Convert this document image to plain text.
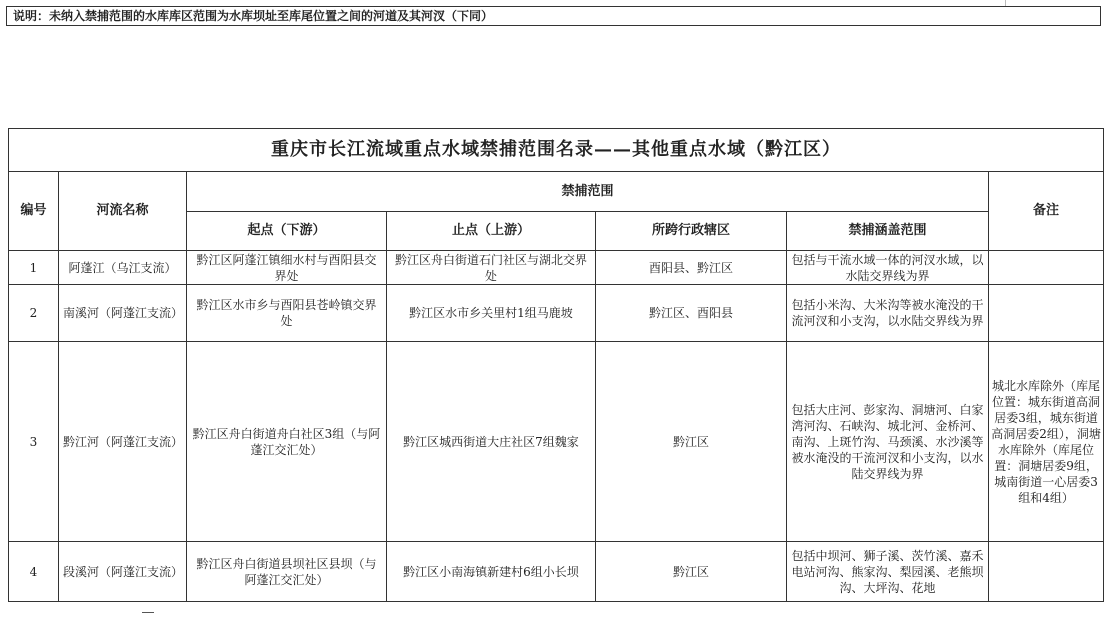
说明：未纳入禁捕范围的水库库区范围为水库坝址至库尾位置之间的河道及其河汊（下同）
重庆市长江流域重点水域禁捕范围名录——其他重点水域（黔江区）						
编号	河流名称	禁捕范围				备注
		起点（下游）	止点（上游）	所跨行政辖区	禁捕涵盖范围	
1	阿蓬江（乌江支流）	黔江区阿蓬江镇细水村与酉阳县交界处	黔江区舟白街道石门社区与湖北交界处	酉阳县、黔江区	包括与干流水域一体的河汊水域，以水陆交界线为界	
2	南溪河（阿蓬江支流）	黔江区水市乡与酉阳县苍岭镇交界处	黔江区水市乡关里村1组马鹿坡	黔江区、酉阳县	包括小米沟、大米沟等被水淹没的干流河汊和小支沟，以水陆交界线为界	
3	黔江河（阿蓬江支流）	黔江区舟白街道舟白社区3组（与阿蓬江交汇处）	黔江区城西街道大庄社区7组魏家	黔江区	包括大庄河、彭家沟、洞塘河、白家湾河沟、石峡沟、城北河、金桥河、南沟、上斑竹沟、马颈溪、水沙溪等被水淹没的干流河汊和小支沟，以水陆交界线为界	城北水库除外（库尾位置：城东街道高洞居委3组，城东街道高洞居委2组），洞塘水库除外（库尾位置：洞塘居委9组，城南街道一心居委3组和4组）
4	段溪河（阿蓬江支流）	黔江区舟白街道县坝社区县坝（与阿蓬江交汇处）	黔江区小南海镇新建村6组小长坝	黔江区	包括中坝河、狮子溪、茨竹溪、嘉禾电站河沟、熊家沟、梨园溪、老熊坝沟、大坪沟、花地	
